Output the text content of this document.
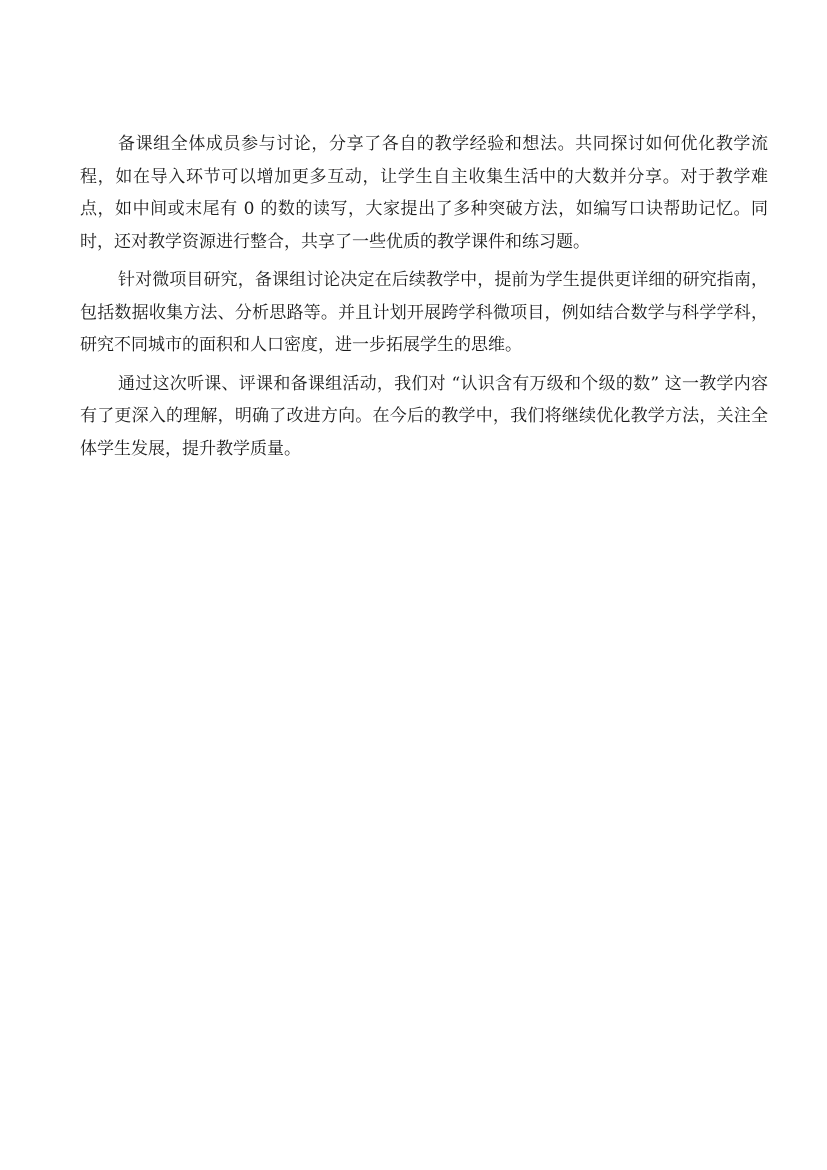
备课组全体成员参与讨论，分享了各自的教学经验和想法。共同探讨如何优化教学流程，如在导入环节可以增加更多互动，让学生自主收集生活中的大数并分享。对于教学难点，如中间或末尾有 0 的数的读写，大家提出了多种突破方法，如编写口诀帮助记忆。同时，还对教学资源进行整合，共享了一些优质的教学课件和练习题。

针对微项目研究，备课组讨论决定在后续教学中，提前为学生提供更详细的研究指南，包括数据收集方法、分析思路等。并且计划开展跨学科微项目，例如结合数学与科学学科，研究不同城市的面积和人口密度，进一步拓展学生的思维。

通过这次听课、评课和备课组活动，我们对 “认识含有万级和个级的数” 这一教学内容有了更深入的理解，明确了改进方向。在今后的教学中，我们将继续优化教学方法，关注全体学生发展，提升教学质量。
